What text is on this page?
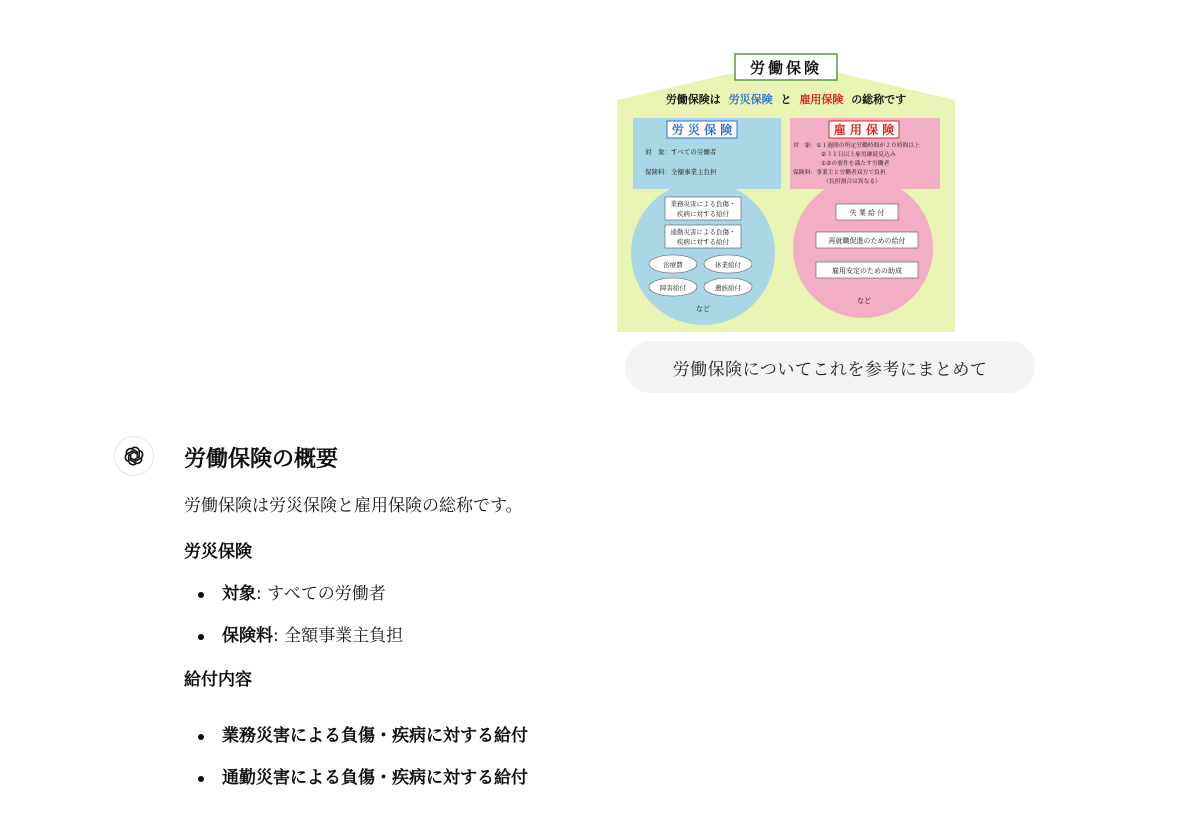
労働保険
労働保険は 労災保険 と 雇用保険 の総称です
労 災 保 険
対　象：すべての労働者
保険料：全額事業主負担
業務災害による負傷・
疾病に対する給付
通勤災害による負傷・
疾病に対する給付
治療費	休業給付
障害給付	遺族給付
など
雇 用 保 険
対　象：①１週間の所定労働時間が２０時間以上
②３１日以上雇用継続見込み
①②の要件を満たす労働者
保険料：事業主と労働者双方で負担
（負担割合は異なる）
失 業 給 付
再就職促進のための給付
雇用安定のための助成
など
労働保険についてこれを参考にまとめて
労働保険の概要

労働保険は労災保険と雇用保険の総称です。

労災保険
対象: すべての労働者
保険料: 全額事業主負担
給付内容
業務災害による負傷・疾病に対する給付
通勤災害による負傷・疾病に対する給付
